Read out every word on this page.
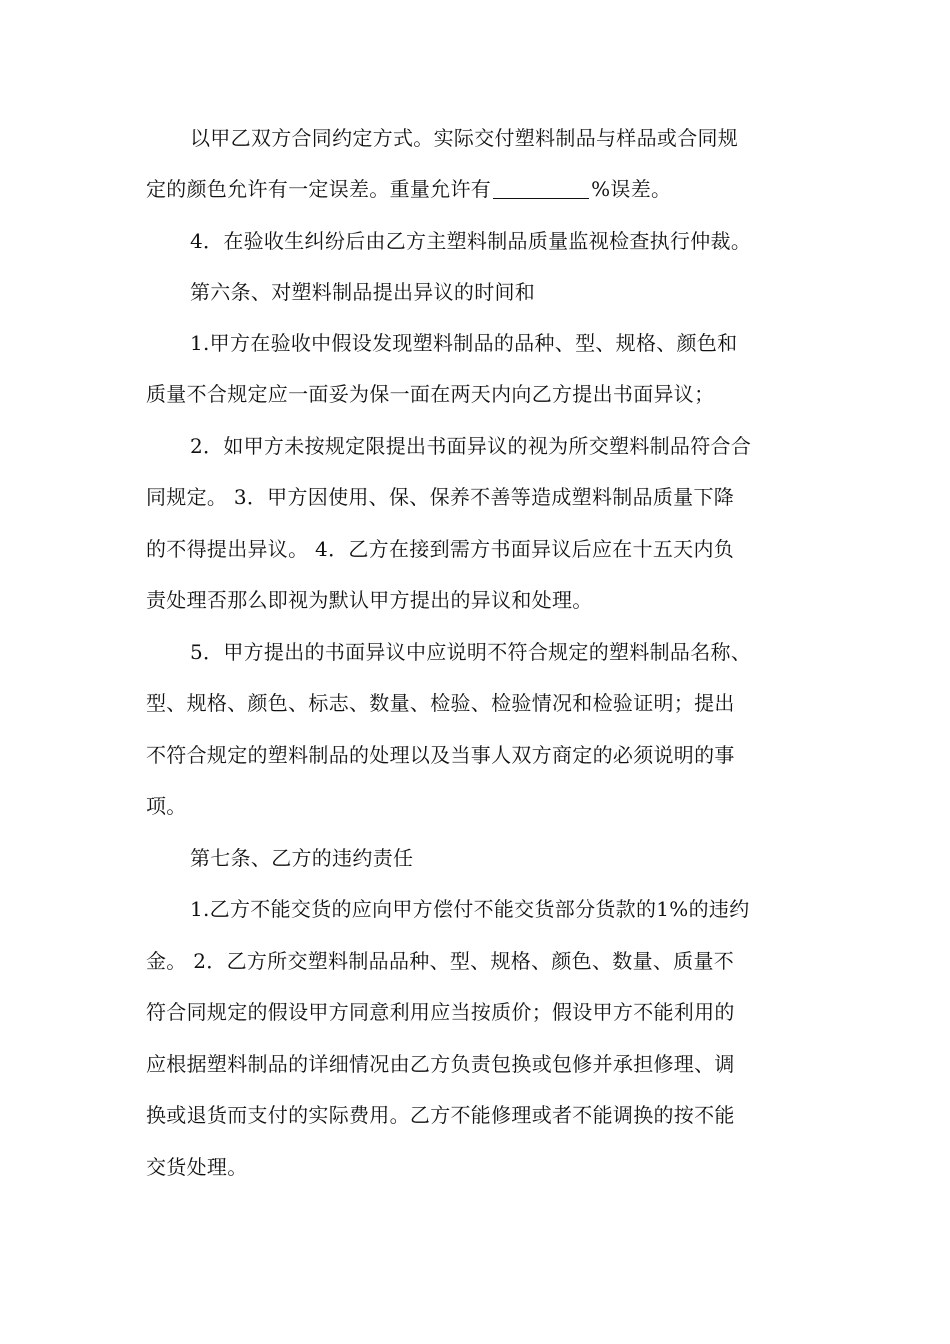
以甲乙双方合同约定方式。实际交付塑料制品与样品或合同规
定的颜色允许有一定误差。重量允许有	%误差。
4．在验收生纠纷后由乙方主塑料制品质量监视检查执行仲裁。
第六条、对塑料制品提出异议的时间和
1.甲方在验收中假设发现塑料制品的品种、型、规格、颜色和
质量不合规定应一面妥为保一面在两天内向乙方提出书面异议；
2．如甲方未按规定限提出书面异议的视为所交塑料制品符合合
同规定。 3．甲方因使用、保、保养不善等造成塑料制品质量下降
的不得提出异议。 4．乙方在接到需方书面异议后应在十五天内负
责处理否那么即视为默认甲方提出的异议和处理。
5．甲方提出的书面异议中应说明不符合规定的塑料制品名称、
型、规格、颜色、标志、数量、检验、检验情况和检验证明；提出
不符合规定的塑料制品的处理以及当事人双方商定的必须说明的事
项。
第七条、乙方的违约责任
1.乙方不能交货的应向甲方偿付不能交货部分货款的1%的违约
金。 2．乙方所交塑料制品品种、型、规格、颜色、数量、质量不
符合同规定的假设甲方同意利用应当按质价；假设甲方不能利用的
应根据塑料制品的详细情况由乙方负责包换或包修并承担修理、调
换或退货而支付的实际费用。乙方不能修理或者不能调换的按不能
交货处理。
